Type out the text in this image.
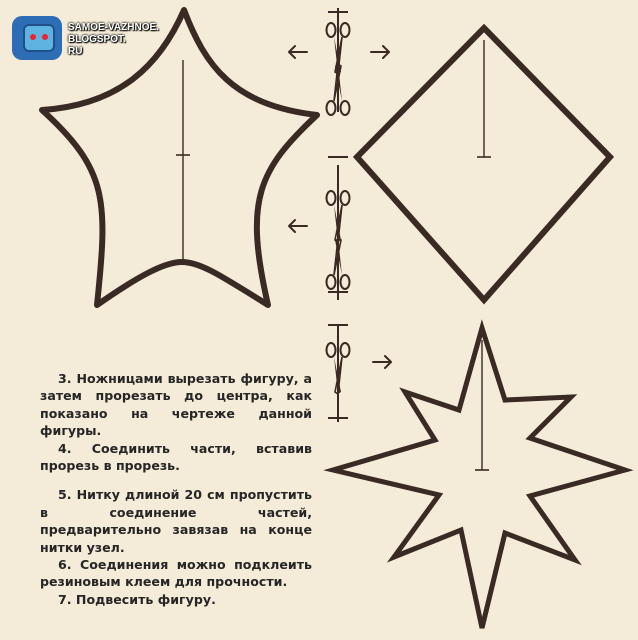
SAMOE-VAZHNOE.
BLOGSPOT.
RU

3. Ножницами вырезать фигуру, а затем прорезать до центра, как показано на чертеже данной фигуры.

4. Соединить части, вставив прорезь в прорезь.

5. Нитку длиной 20 см пропустить в соединение частей, предварительно завязав на конце нитки узел.

6. Соединения можно подклеить резиновым клеем для прочности.

7. Подвесить фигуру.
